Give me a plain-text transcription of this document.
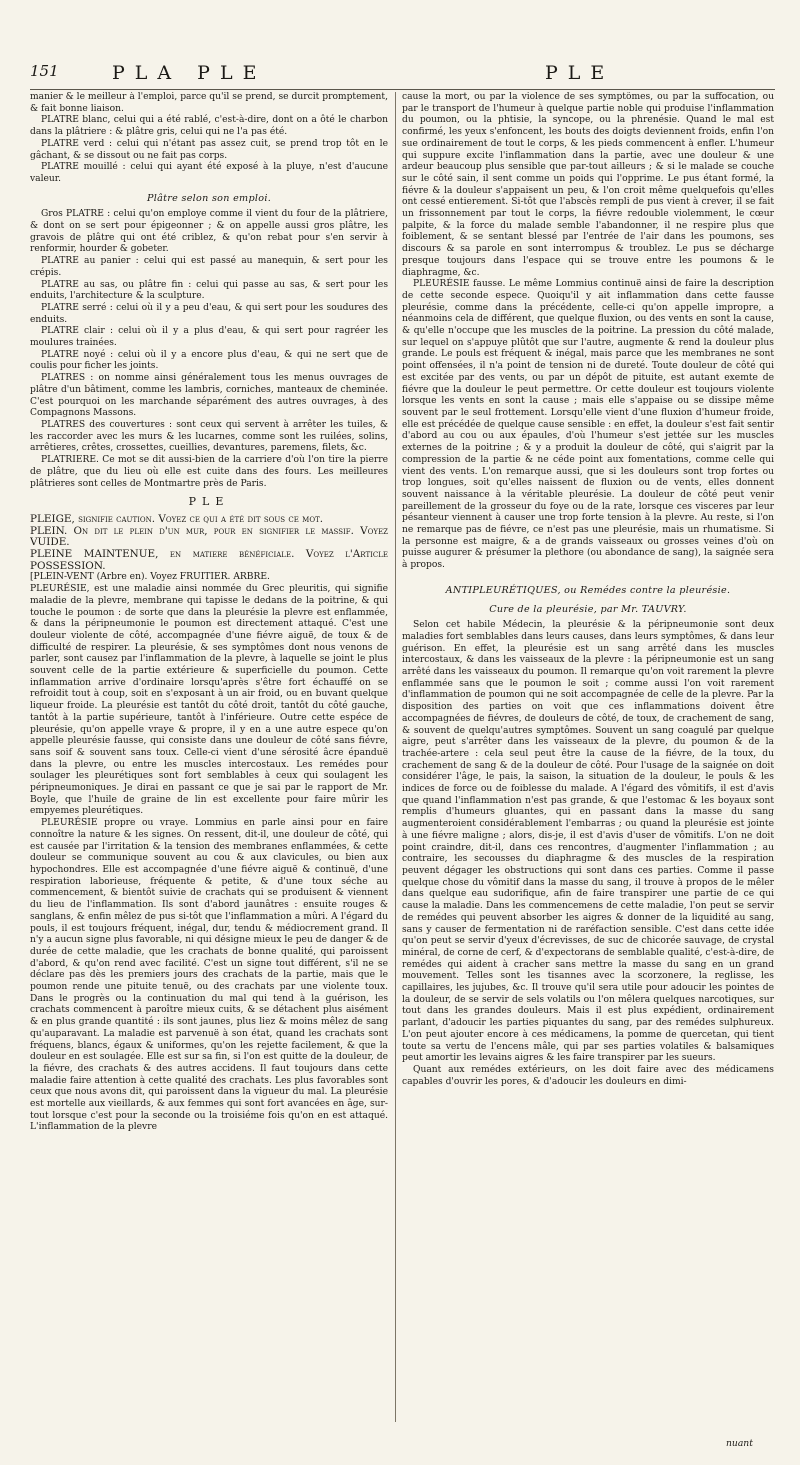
151	PLA PLE	PLE

manier & le meilleur à l'emploi, parce qu'il se prend, se durcit promptement, & fait bonne liaison.

PLATRE blanc, celui qui a été rablé, c'est-à-dire, dont on a ôté le charbon dans la plâtriere : & plâtre gris, celui qui ne l'a pas été.

PLATRE verd : celui qui n'étant pas assez cuit, se prend trop tôt en le gâchant, & se dissout ou ne fait pas corps.

PLATRE mouillé : celui qui ayant été exposé à la pluye, n'est d'aucune valeur.

Plâtre selon son emploi.

Gros PLATRE : celui qu'on employe comme il vient du four de la plâtriere, & dont on se sert pour épigeonner ; & on appelle aussi gros plâtre, les gravois de plâtre qui ont été criblez, & qu'on rebat pour s'en servir à renformir, hourder & gobeter.

PLATRE au panier : celui qui est passé au manequin, & sert pour les crépis.

PLATRE au sas, ou plâtre fin : celui qui passe au sas, & sert pour les enduits, l'architecture & la sculpture.

PLATRE serré : celui où il y a peu d'eau, & qui sert pour les soudures des enduits.

PLATRE clair : celui où il y a plus d'eau, & qui sert pour ragréer les moulures trainées.

PLATRE noyé : celui où il y a encore plus d'eau, & qui ne sert que de coulis pour ficher les joints.

PLATRES : on nomme ainsi généralement tous les menus ouvrages de plâtre d'un bâtiment, comme les lambris, corniches, manteaux de cheminée. C'est pourquoi on les marchande séparément des autres ouvrages, à des Compagnons Massons.

PLATRES des couvertures : sont ceux qui servent à arrêter les tuiles, & les raccorder avec les murs & les lucarnes, comme sont les ruilées, solins, arrêtieres, crêtes, crossettes, cueillies, devantures, paremens, filets, &c.

PLATRIERE. Ce mot se dit aussi-bien de la carriere d'où l'on tire la pierre de plâtre, que du lieu où elle est cuite dans des fours. Les meilleures plâtrieres sont celles de Montmartre près de Paris.

PLE

PLEIGE, signifie caution. Voyez ce qui a été dit sous ce mot.

PLEIN. On dit le plein d'un mur, pour en signifier le massif. Voyez VUIDE.

PLEINE MAINTENUE, en matiere bénéficiale. Voyez l'Article POSSESSION.

[PLEIN-VENT (Arbre en). Voyez FRUITIER. ARBRE.

PLEURÉSIE, est une maladie ainsi nommée du Grec pleuritis, qui signifie maladie de la plevre, membrane qui tapisse le dedans de la poitrine, & qui touche le poumon : de sorte que dans la pleurésie la plevre est enflammée, & dans la péripneumonie le poumon est directement attaqué. C'est une douleur violente de côté, accompagnée d'une fiévre aiguë, de toux & de difficulté de respirer. La pleurésie, & ses symptômes dont nous venons de parler, sont causez par l'inflammation de la plevre, à laquelle se joint le plus souvent celle de la partie extérieure & superficielle du poumon. Cette inflammation arrive d'ordinaire lorsqu'après s'être fort échauffé on se refroidit tout à coup, soit en s'exposant à un air froid, ou en buvant quelque liqueur froide. La pleurésie est tantôt du côté droit, tantôt du côté gauche, tantôt à la partie supérieure, tantôt à l'inférieure. Outre cette espéce de pleurésie, qu'on appelle vraye & propre, il y en a une autre espece qu'on appelle pleurésie fausse, qui consiste dans une douleur de côté sans fiévre, sans soif & souvent sans toux. Celle-ci vient d'une sérosité âcre épanduë dans la plevre, ou entre les muscles intercostaux. Les remédes pour soulager les pleurétiques sont fort semblables à ceux qui soulagent les péripneumoniques. Je dirai en passant ce que je sai par le rapport de Mr. Boyle, que l'huile de graine de lin est excellente pour faire mûrir les empyemes pleurétiques.

PLEURÉSIE propre ou vraye. Lommius en parle ainsi pour en faire connoître la nature & les signes. On ressent, dit-il, une douleur de côté, qui est causée par l'irritation & la tension des membranes enflammées, & cette douleur se communique souvent au cou & aux clavicules, ou bien aux hypochondres. Elle est accompagnée d'une fiévre aiguë & continuë, d'une respiration laborieuse, fréquente & petite, & d'une toux séche au commencement, & bientôt suivie de crachats qui se produisent & viennent du lieu de l'inflammation. Ils sont d'abord jaunâtres : ensuite rouges & sanglans, & enfin mêlez de pus si-tôt que l'inflammation a mûri. A l'égard du pouls, il est toujours fréquent, inégal, dur, tendu & médiocrement grand. Il n'y a aucun signe plus favorable, ni qui désigne mieux le peu de danger & de durée de cette maladie, que les crachats de bonne qualité, qui paroissent d'abord, & qu'on rend avec facilité. C'est un signe tout différent, s'il ne se déclare pas dès les premiers jours des crachats de la partie, mais que le poumon rende une pituite tenuë, ou des crachats par une violente toux. Dans le progrès ou la continuation du mal qui tend à la guérison, les crachats commencent à paroître mieux cuits, & se détachent plus aisément & en plus grande quantité : ils sont jaunes, plus liez & moins mêlez de sang qu'auparavant. La maladie est parvenuë à son état, quand les crachats sont fréquens, blancs, égaux & uniformes, qu'on les rejette facilement, & que la douleur en est soulagée. Elle est sur sa fin, si l'on est quitte de la douleur, de la fiévre, des crachats & des autres accidens. Il faut toujours dans cette maladie faire attention à cette qualité des crachats. Les plus favorables sont ceux que nous avons dit, qui paroissent dans la vigueur du mal. La pleurésie est mortelle aux vieillards, & aux femmes qui sont fort avancées en âge, sur-tout lorsque c'est pour la seconde ou la troisiéme fois qu'on en est attaqué. L'inflammation de la plevre

cause la mort, ou par la violence de ses symptômes, ou par la suffocation, ou par le transport de l'humeur à quelque partie noble qui produise l'inflammation du poumon, ou la phtisie, la syncope, ou la phrenésie. Quand le mal est confirmé, les yeux s'enfoncent, les bouts des doigts deviennent froids, enfin l'on sue ordinairement de tout le corps, & les pieds commencent à enfler. L'humeur qui suppure excite l'inflammation dans la partie, avec une douleur & une ardeur beaucoup plus sensible que par-tout ailleurs ; & si le malade se couche sur le côté sain, il sent comme un poids qui l'opprime. Le pus étant formé, la fiévre & la douleur s'appaisent un peu, & l'on croit même quelquefois qu'elles ont cessé entierement. Si-tôt que l'abscès rempli de pus vient à crever, il se fait un frissonnement par tout le corps, la fiévre redouble violemment, le cœur palpite, & la force du malade semble l'abandonner, il ne respire plus que foiblement, & se sentant blessé par l'entrée de l'air dans les poumons, ses discours & sa parole en sont interrompus & troublez. Le pus se décharge presque toujours dans l'espace qui se trouve entre les poumons & le diaphragme, &c.

PLEURÉSIE fausse. Le même Lommius continuë ainsi de faire la description de cette seconde espece. Quoiqu'il y ait inflammation dans cette fausse pleurésie, comme dans la précédente, celle-ci qu'on appelle impropre, a néanmoins cela de différent, que quelque fluxion, ou des vents en sont la cause, & qu'elle n'occupe que les muscles de la poitrine. La pression du côté malade, sur lequel on s'appuye plûtôt que sur l'autre, augmente & rend la douleur plus grande. Le pouls est fréquent & inégal, mais parce que les membranes ne sont point offensées, il n'a point de tension ni de dureté. Toute douleur de côté qui est excitée par des vents, ou par un dépôt de pituite, est autant exemte de fiévre que la douleur le peut permettre. Or cette douleur est toujours violente lorsque les vents en sont la cause ; mais elle s'appaise ou se dissipe même souvent par le seul frottement. Lorsqu'elle vient d'une fluxion d'humeur froide, elle est précédée de quelque cause sensible : en effet, la douleur s'est fait sentir d'abord au cou ou aux épaules, d'où l'humeur s'est jettée sur les muscles externes de la poitrine ; & y a produit la douleur de côté, qui s'aigrit par la compression de la partie & ne céde point aux fomentations, comme celle qui vient des vents. L'on remarque aussi, que si les douleurs sont trop fortes ou trop longues, soit qu'elles naissent de fluxion ou de vents, elles donnent souvent naissance à la véritable pleurésie. La douleur de côté peut venir pareillement de la grosseur du foye ou de la rate, lorsque ces visceres par leur pésanteur viennent à causer une trop forte tension à la plevre. Au reste, si l'on ne remarque pas de fiévre, ce n'est pas une pleurésie, mais un rhumatisme. Si la personne est maigre, & a de grands vaisseaux ou grosses veines d'où on puisse augurer & présumer la plethore (ou abondance de sang), la saignée sera à propos.

ANTIPLEURÉTIQUES, ou Remédes contre la pleurésie.
Cure de la pleurésie, par Mr. TAUVRY.

Selon cet habile Médecin, la pleurésie & la péripneumonie sont deux maladies fort semblables dans leurs causes, dans leurs symptômes, & dans leur guérison. En effet, la pleurésie est un sang arrêté dans les muscles intercostaux, & dans les vaisseaux de la plevre : la péripneumonie est un sang arrêté dans les vaisseaux du poumon. Il remarque qu'on voit rarement la plevre enflammée sans que le poumon le soit ; comme aussi l'on voit rarement d'inflammation de poumon qui ne soit accompagnée de celle de la plevre. Par la disposition des parties on voit que ces inflammations doivent être accompagnées de fiévres, de douleurs de côté, de toux, de crachement de sang, & souvent de quelqu'autres symptômes. Souvent un sang coagulé par quelque aigre, peut s'arrêter dans les vaisseaux de la plevre, du poumon & de la trachée-artere : cela seul peut être la cause de la fiévre, de la toux, du crachement de sang & de la douleur de côté. Pour l'usage de la saignée on doit considérer l'âge, le pais, la saison, la situation de la douleur, le pouls & les indices de force ou de foiblesse du malade. A l'égard des vômitifs, il est d'avis que quand l'inflammation n'est pas grande, & que l'estomac & les boyaux sont remplis d'humeurs gluantes, qui en passant dans la masse du sang augmenteroient considérablement l'embarras ; ou quand la pleurésie est jointe à une fiévre maligne ; alors, dis-je, il est d'avis d'user de vômitifs. L'on ne doit point craindre, dit-il, dans ces rencontres, d'augmenter l'inflammation ; au contraire, les secousses du diaphragme & des muscles de la respiration peuvent dégager les obstructions qui sont dans ces parties. Comme il passe quelque chose du vômitif dans la masse du sang, il trouve à propos de le mêler dans quelque eau sudorifique, afin de faire transpirer une partie de ce qui cause la maladie. Dans les commencemens de cette maladie, l'on peut se servir de remédes qui peuvent absorber les aigres & donner de la liquidité au sang, sans y causer de fermentation ni de raréfaction sensible. C'est dans cette idée qu'on peut se servir d'yeux d'écrevisses, de suc de chicorée sauvage, de crystal minéral, de corne de cerf, & d'expectorans de semblable qualité, c'est-à-dire, de remédes qui aident à cracher sans mettre la masse du sang en un grand mouvement. Telles sont les tisannes avec la scorzonere, la reglisse, les capillaires, les jujubes, &c. Il trouve qu'il sera utile pour adoucir les pointes de la douleur, de se servir de sels volatils ou l'on mêlera quelques narcotiques, sur tout dans les grandes douleurs. Mais il est plus expédient, ordinairement parlant, d'adoucir les parties piquantes du sang, par des remédes sulphureux. L'on peut ajouter encore à ces médicamens, la pomme de quercetan, qui tient toute sa vertu de l'encens mâle, qui par ses parties volatiles & balsamiques peut amortir les levains aigres & les faire transpirer par les sueurs.

Quant aux remédes extérieurs, on les doit faire avec des médicamens capables d'ouvrir les pores, & d'adoucir les douleurs en dimi-

nuant
